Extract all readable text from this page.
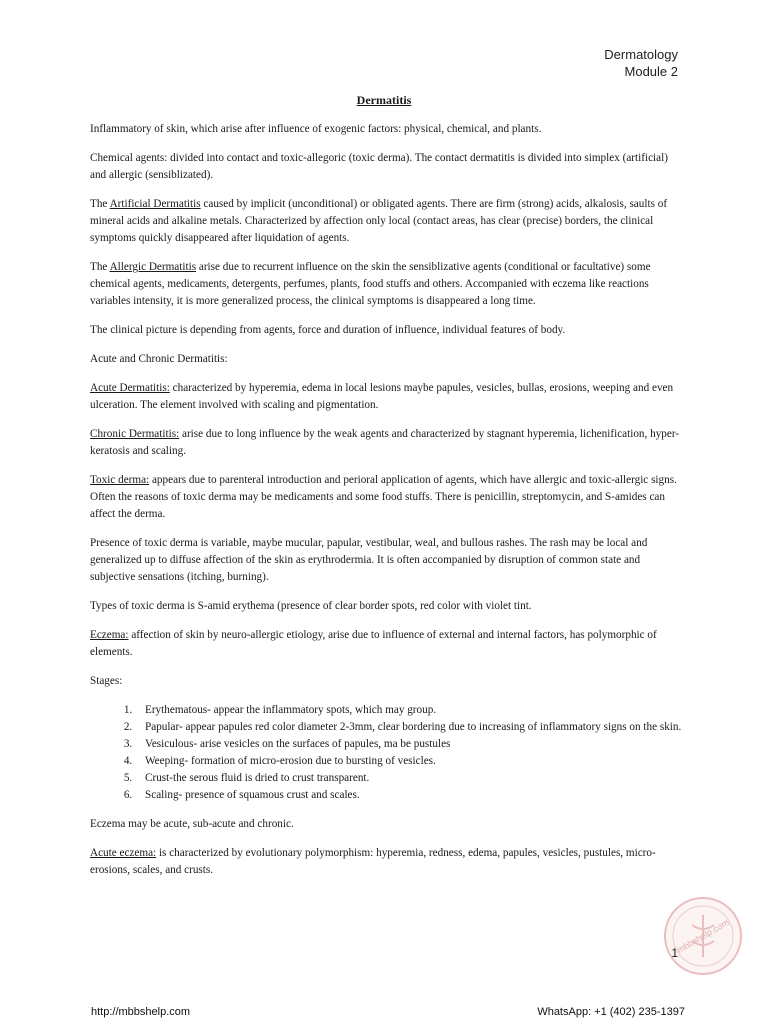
Dermatology
Module 2
Dermatitis

Inflammatory of skin, which arise after influence of exogenic factors: physical, chemical, and plants.

Chemical agents: divided into contact and toxic-allegoric (toxic derma). The contact dermatitis is divided into simplex (artificial) and allergic (sensiblizated).

The Artificial Dermatitis caused by implicit (unconditional) or obligated agents. There are firm (strong) acids, alkalosis, saults of mineral acids and alkaline metals. Characterized by affection only local (contact areas, has clear (precise) borders, the clinical symptoms quickly disappeared after liquidation of agents.

The Allergic Dermatitis arise due to recurrent influence on the skin the sensiblizative agents (conditional or facultative) some chemical agents, medicaments, detergents, perfumes, plants, food stuffs and others. Accompanied with eczema like reactions variables intensity, it is more generalized process, the clinical symptoms is disappeared a long time.

The clinical picture is depending from agents, force and duration of influence, individual features of body.

Acute and Chronic Dermatitis:

Acute Dermatitis: characterized by hyperemia, edema in local lesions maybe papules, vesicles, bullas, erosions, weeping and even ulceration. The element involved with scaling and pigmentation.

Chronic Dermatitis: arise due to long influence by the weak agents and characterized by stagnant hyperemia, lichenification, hyper-keratosis and scaling.

Toxic derma: appears due to parenteral introduction and perioral application of agents, which have allergic and toxic-allergic signs. Often the reasons of toxic derma may be medicaments and some food stuffs. There is penicillin, streptomycin, and S-amides can affect the derma.

Presence of toxic derma is variable, maybe mucular, papular, vestibular, weal, and bullous rashes. The rash may be local and generalized up to diffuse affection of the skin as erythrodermia. It is often accompanied by disruption of common state and subjective sensations (itching, burning).

Types of toxic derma is S-amid erythema (presence of clear border spots, red color with violet tint.

Eczema: affection of skin by neuro-allergic etiology, arise due to influence of external and internal factors, has polymorphic of elements.

Stages:

1. Erythematous- appear the inflammatory spots, which may group.
2. Papular- appear papules red color diameter 2-3mm, clear bordering due to increasing of inflammatory signs on the skin.
3. Vesiculous- arise vesicles on the surfaces of papules, ma be pustules
4. Weeping- formation of micro-erosion due to bursting of vesicles.
5. Crust-the serous fluid is dried to crust transparent.
6. Scaling- presence of squamous crust and scales.

Eczema may be acute, sub-acute and chronic.

Acute eczema: is characterized by evolutionary polymorphism: hyperemia, redness, edema, papules, vesicles, pustules, micro-erosions, scales, and crusts.

mbbshelp.com
1
http://mbbshelp.com	WhatsApp: +1 (402) 235-1397
